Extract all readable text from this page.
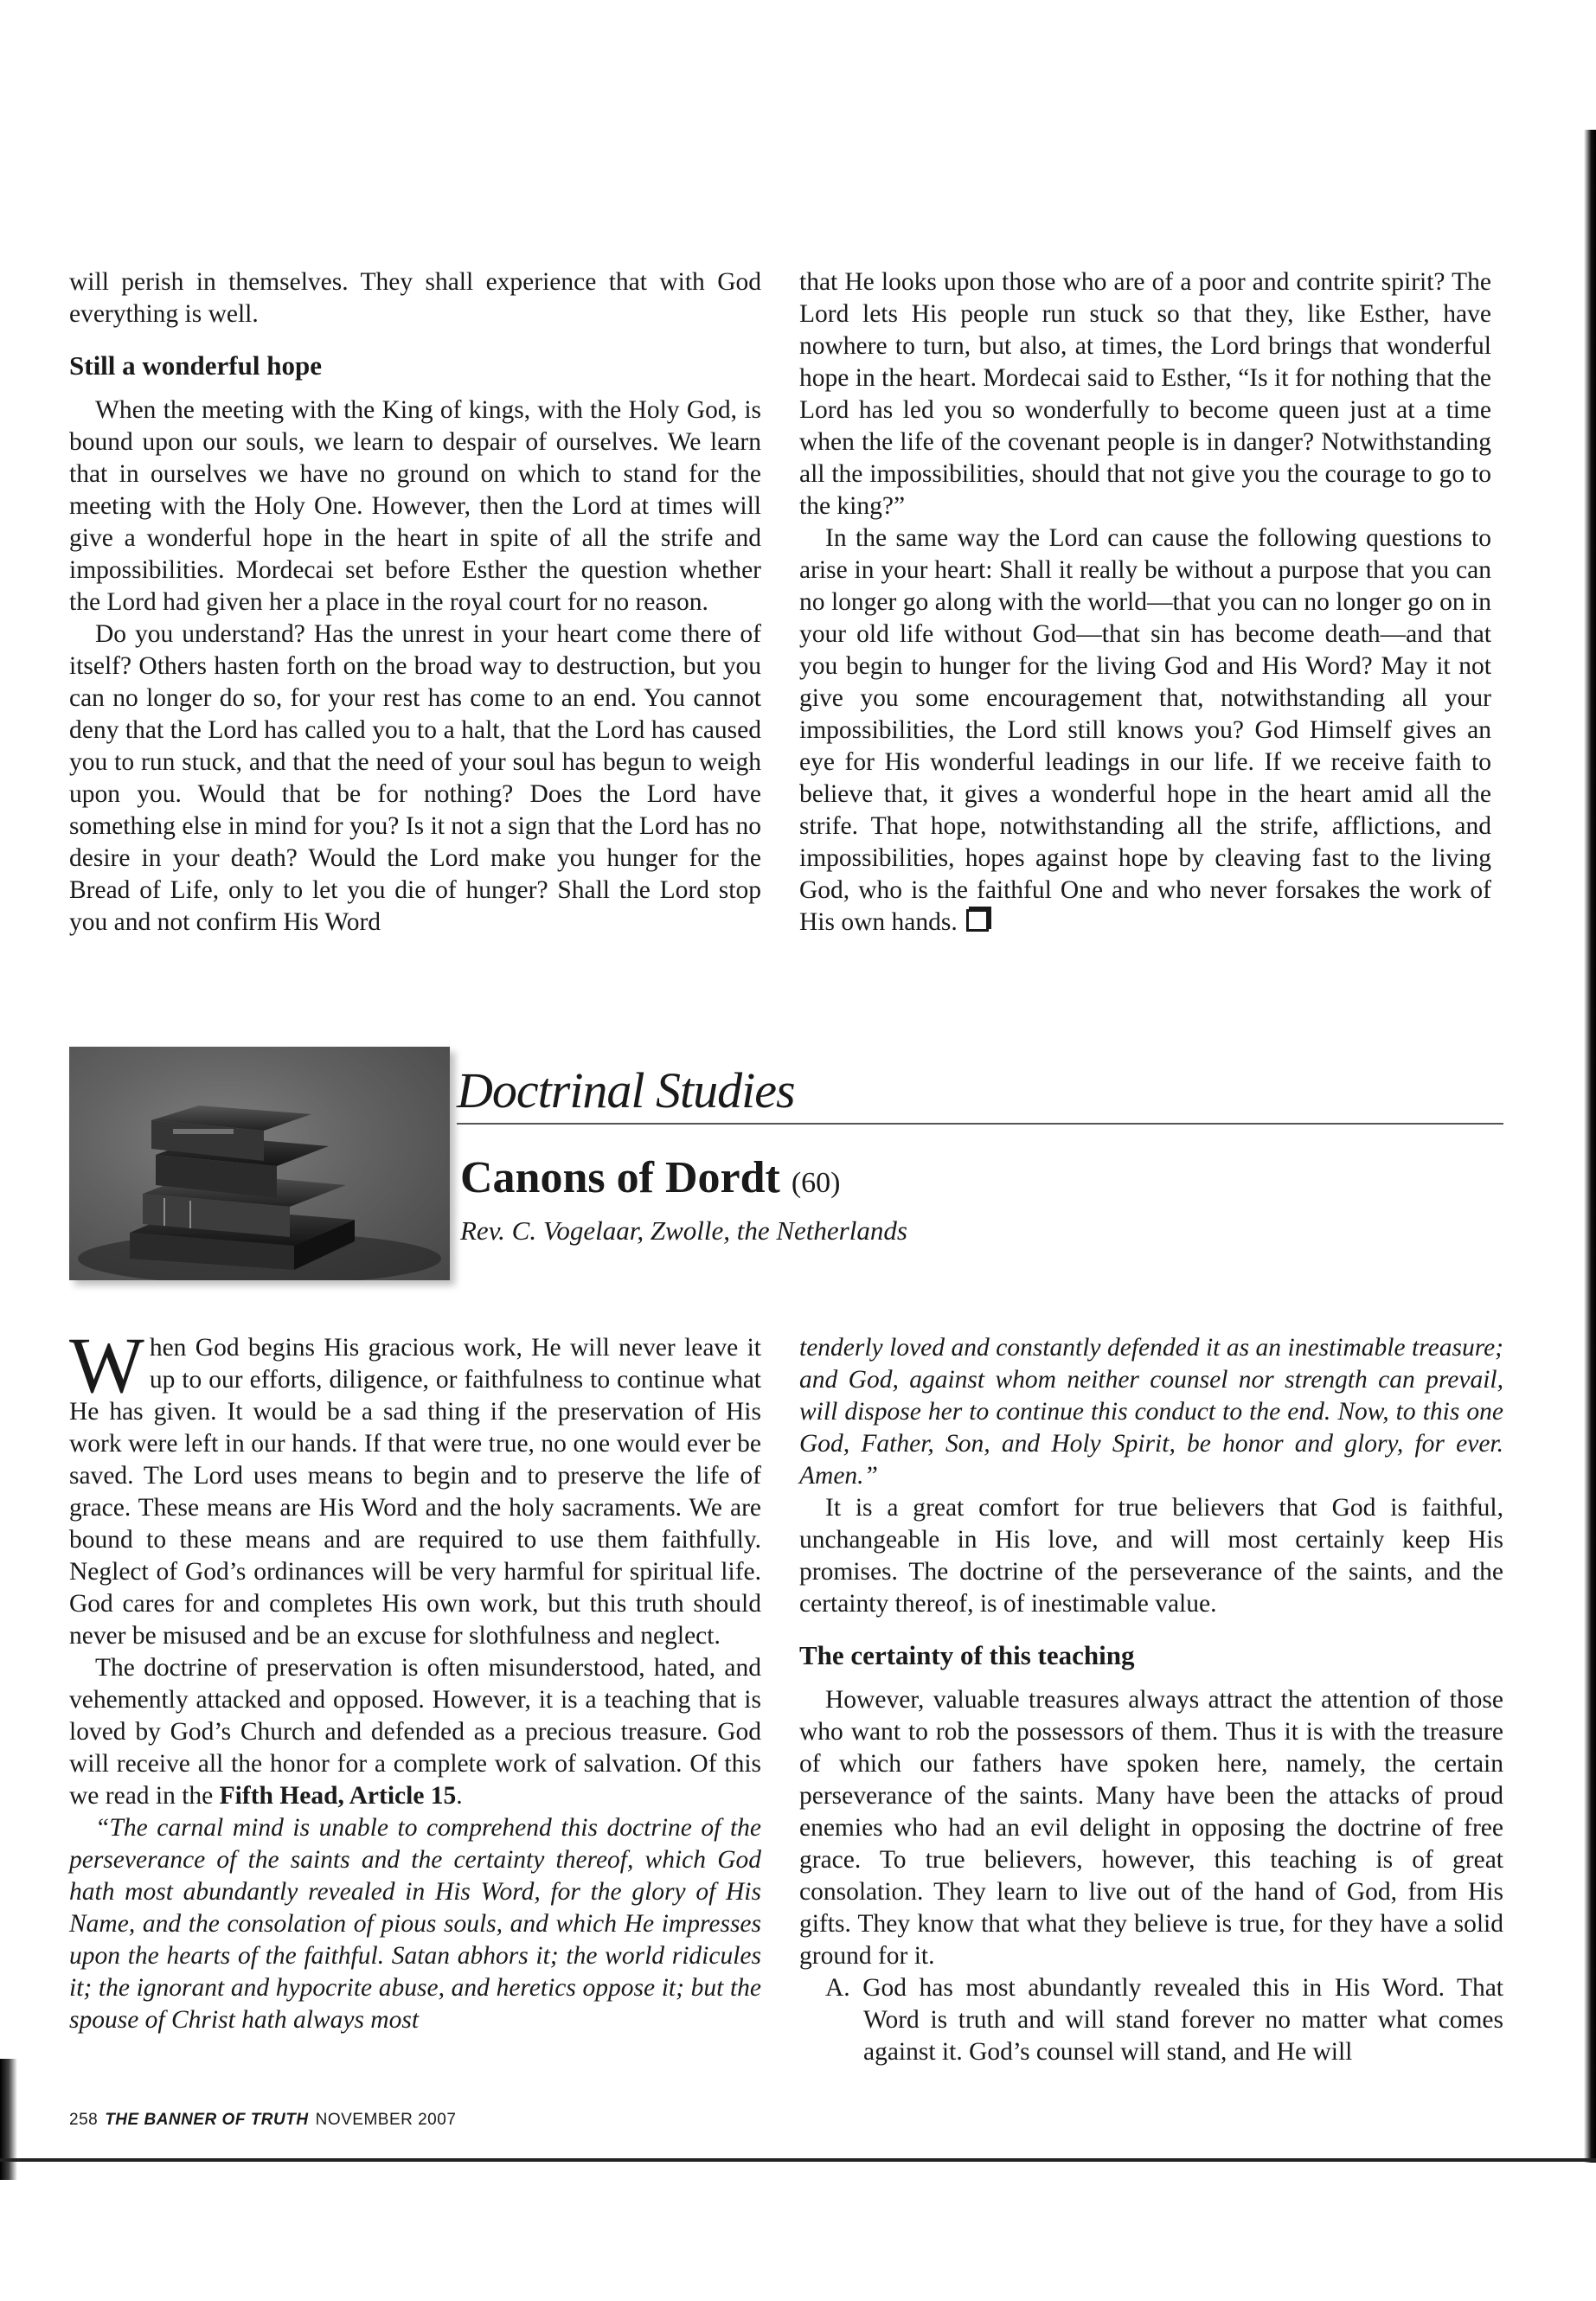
will perish in themselves. They shall experience that with God everything is well.

Still a wonderful hope

When the meeting with the King of kings, with the Holy God, is bound upon our souls, we learn to despair of ourselves. We learn that in ourselves we have no ground on which to stand for the meeting with the Holy One. However, then the Lord at times will give a wonderful hope in the heart in spite of all the strife and impossibilities. Mordecai set before Esther the question whether the Lord had given her a place in the royal court for no reason.

Do you understand? Has the unrest in your heart come there of itself? Others hasten forth on the broad way to destruction, but you can no longer do so, for your rest has come to an end. You cannot deny that the Lord has called you to a halt, that the Lord has caused you to run stuck, and that the need of your soul has begun to weigh upon you. Would that be for nothing? Does the Lord have something else in mind for you? Is it not a sign that the Lord has no desire in your death? Would the Lord make you hunger for the Bread of Life, only to let you die of hunger? Shall the Lord stop you and not confirm His Word

that He looks upon those who are of a poor and contrite spirit? The Lord lets His people run stuck so that they, like Esther, have nowhere to turn, but also, at times, the Lord brings that wonderful hope in the heart. Mordecai said to Esther, “Is it for nothing that the Lord has led you so wonderfully to become queen just at a time when the life of the covenant people is in danger? Notwithstanding all the impossibilities, should that not give you the courage to go to the king?”

In the same way the Lord can cause the following questions to arise in your heart: Shall it really be without a purpose that you can no longer go along with the world—that you can no longer go on in your old life without God—that sin has become death—and that you begin to hunger for the living God and His Word? May it not give you some encouragement that, notwithstanding all your impossibilities, the Lord still knows you? God Himself gives an eye for His wonderful leadings in our life. If we receive faith to believe that, it gives a wonderful hope in the heart amid all the strife. That hope, notwithstanding all the strife, afflictions, and impossibilities, hopes against hope by cleaving fast to the living God, who is the faithful One and who never forsakes the work of His own hands.

Doctrinal Studies
Canons of Dordt (60)

Rev. C. Vogelaar, Zwolle, the Netherlands

When God begins His gracious work, He will never leave it up to our efforts, diligence, or faithfulness to continue what He has given. It would be a sad thing if the preservation of His work were left in our hands. If that were true, no one would ever be saved. The Lord uses means to begin and to preserve the life of grace. These means are His Word and the holy sacraments. We are bound to these means and are required to use them faithfully. Neglect of God’s ordinances will be very harmful for spiritual life. God cares for and completes His own work, but this truth should never be misused and be an excuse for slothfulness and neglect.

The doctrine of preservation is often misunderstood, hated, and vehemently attacked and opposed. However, it is a teaching that is loved by God’s Church and defended as a precious treasure. God will receive all the honor for a complete work of salvation. Of this we read in the Fifth Head, Article 15.

“The carnal mind is unable to comprehend this doctrine of the perseverance of the saints and the certainty thereof, which God hath most abundantly revealed in His Word, for the glory of His Name, and the consolation of pious souls, and which He impresses upon the hearts of the faithful. Satan abhors it; the world ridicules it; the ignorant and hypocrite abuse, and heretics oppose it; but the spouse of Christ hath always most

tenderly loved and constantly defended it as an inestimable treasure; and God, against whom neither counsel nor strength can prevail, will dispose her to continue this conduct to the end. Now, to this one God, Father, Son, and Holy Spirit, be honor and glory, for ever. Amen.”

It is a great comfort for true believers that God is faithful, unchangeable in His love, and will most certainly keep His promises. The doctrine of the perseverance of the saints, and the certainty thereof, is of inestimable value.

The certainty of this teaching

However, valuable treasures always attract the attention of those who want to rob the possessors of them. Thus it is with the treasure of which our fathers have spoken here, namely, the certain perseverance of the saints. Many have been the attacks of proud enemies who had an evil delight in opposing the doctrine of free grace. To true believers, however, this teaching is of great consolation. They learn to live out of the hand of God, from His gifts. They know that what they believe is true, for they have a solid ground for it.

A. God has most abundantly revealed this in His Word. That Word is truth and will stand forever no matter what comes against it. God’s counsel will stand, and He will

258 THE BANNER OF TRUTH NOVEMBER 2007
